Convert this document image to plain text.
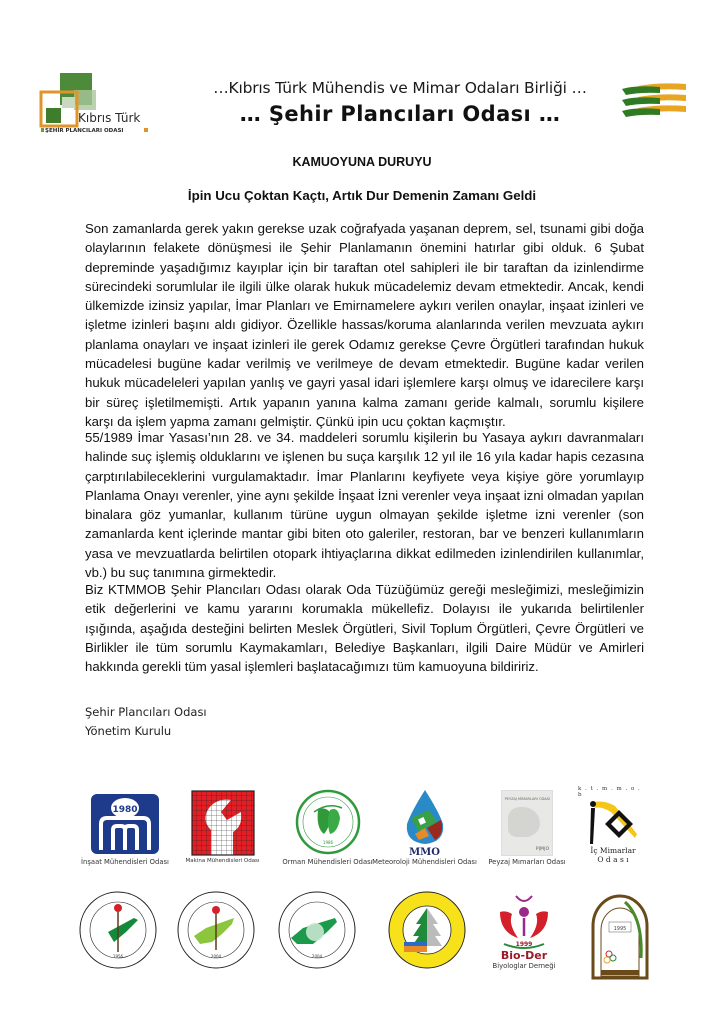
Kıbrıs Türk
ŞEHİR PLANCILARI ODASI
…Kıbrıs Türk Mühendis ve Mimar Odaları Birliği …
… Şehir Plancıları Odası …
KAMUOYUNA DURUYU
İpin Ucu Çoktan Kaçtı, Artık Dur Demenin Zamanı Geldi

Son zamanlarda gerek yakın gerekse uzak coğrafyada yaşanan deprem, sel, tsunami gibi doğa olaylarının felakete dönüşmesi ile Şehir Planlamanın önemini hatırlar gibi olduk. 6 Şubat depreminde yaşadığımız kayıplar için bir taraftan otel sahipleri ile bir taraftan da izinlendirme sürecindeki sorumlular ile ilgili ülke olarak hukuk mücadelemiz devam etmektedir. Ancak, kendi ülkemizde izinsiz yapılar, İmar Planları ve Emirnamelere aykırı verilen onaylar, inşaat izinleri ve işletme izinleri başını aldı gidiyor. Özellikle hassas/koruma alanlarında verilen mevzuata aykırı planlama onayları ve inşaat izinleri ile gerek Odamız gerekse Çevre Örgütleri tarafından hukuk mücadelesi bugüne kadar verilmiş ve verilmeye de devam etmektedir. Bugüne kadar verilen hukuk mücadeleleri yapılan yanlış ve gayri yasal idari işlemlere karşı olmuş ve idarecilere karşı bir süreç işletilmemişti. Artık yapanın yanına kalma zamanı geride kalmalı, sorumlu kişilere karşı da işlem yapma zamanı gelmiştir. Çünkü ipin ucu çoktan kaçmıştır.

55/1989 İmar Yasası’nın 28. ve 34. maddeleri sorumlu kişilerin bu Yasaya aykırı davranmaları halinde suç işlemiş olduklarını ve işlenen bu suça karşılık 12 yıl ile 16 yıla kadar hapis cezasına çarptırılabileceklerini vurgulamaktadır. İmar Planlarını keyfiyete veya kişiye göre yorumlayıp Planlama Onayı verenler, yine aynı şekilde İnşaat İzni verenler veya inşaat izni olmadan yapılan binalara göz yumanlar, kullanım türüne uygun olmayan şekilde işletme izni verenler (son zamanlarda kent içlerinde mantar gibi biten oto galeriler, restoran, bar ve benzeri kullanımların yasa ve mevzuatlarda belirtilen otopark ihtiyaçlarına dikkat edilmeden izinlendirilen kullanımlar, vb.) bu suç tanımına girmektedir.

Biz KTMMOB Şehir Plancıları Odası olarak Oda Tüzüğümüz gereği mesleğimizi, mesleğimizin etik değerlerini ve kamu yararını korumakla mükellefiz. Dolayısı ile yukarıda belirtilenler ışığında, aşağıda desteğini belirten Meslek Örgütleri, Sivil Toplum Örgütleri, Çevre Örgütleri ve Birlikler ile tüm sorumlu Kaymakamları, Belediye Başkanları, ilgili Daire Müdür ve Amirleri hakkında gerekli tüm yasal işlemleri başlatacağımızı tüm kamuoyuna bildiririz.

Şehir Plancıları Odası
Yönetim Kurulu
1980
İnşaat Mühendisleri Odası	Makina Mühendisleri Odası
1986
Orman Mühendisleri Odası
MMO
Meteoroloji Mühendisleri Odası
PEYZAJ MİMARLARI ODASI
P|M|O
Peyzaj Mımarları Odası
k . t . m . m . o . b
İç Mimarlar
O d a s ı
1956	2004	2004
1999
Bio-Der
Biyologlar Derneği
1995
